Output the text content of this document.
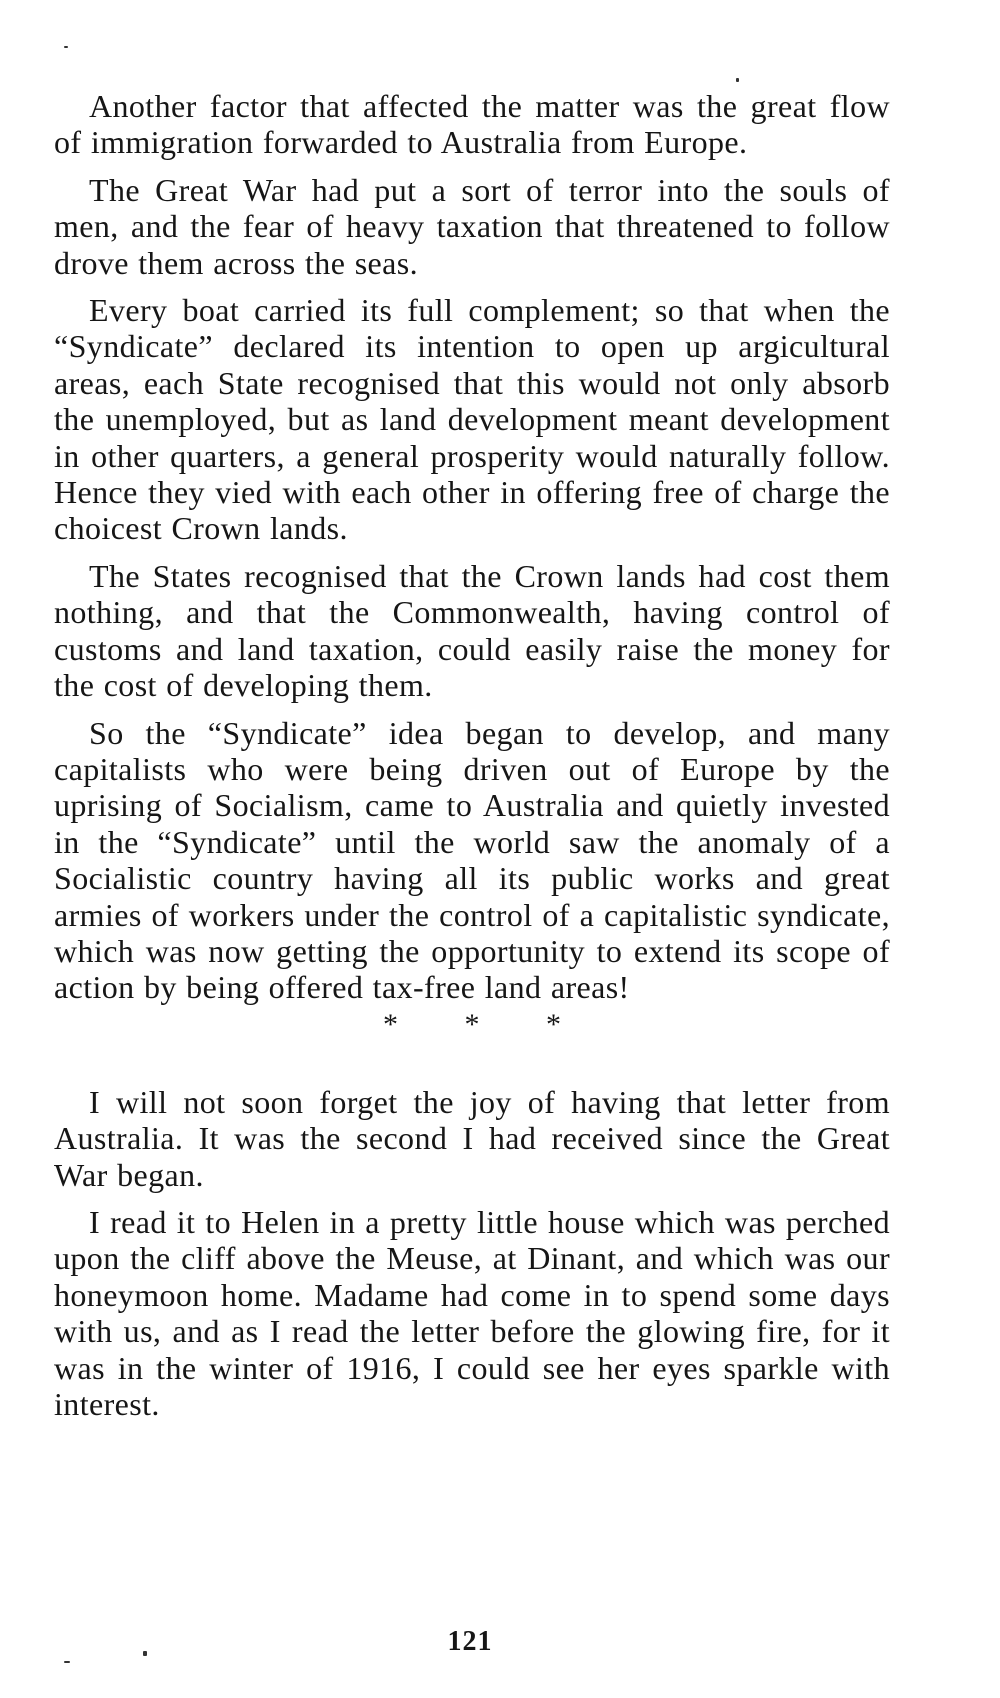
Another factor that affected the matter was the great flow of immigration forwarded to Australia from Europe.

The Great War had put a sort of terror into the souls of men, and the fear of heavy taxation that threatened to follow drove them across the seas.

Every boat carried its full complement; so that when the “Syndicate” declared its intention to open up argicultural areas, each State recognised that this would not only absorb the unemployed, but as land development meant development in other quarters, a general prosperity would naturally follow. Hence they vied with each other in offering free of charge the choicest Crown lands.

The States recognised that the Crown lands had cost them nothing, and that the Commonwealth, having control of customs and land taxation, could easily raise the money for the cost of developing them.

So the “Syndicate” idea began to develop, and many capitalists who were being driven out of Europe by the uprising of Socialism, came to Australia and quietly invested in the “Syndicate” until the world saw the anomaly of a Socialistic country having all its public works and great armies of workers under the control of a capitalistic syndicate, which was now getting the opportunity to extend its scope of action by being offered tax-free land areas!

* * *

I will not soon forget the joy of having that letter from Australia. It was the second I had received since the Great War began.

I read it to Helen in a pretty little house which was perched upon the cliff above the Meuse, at Dinant, and which was our honeymoon home. Madame had come in to spend some days with us, and as I read the letter before the glowing fire, for it was in the winter of 1916, I could see her eyes sparkle with interest.

121
